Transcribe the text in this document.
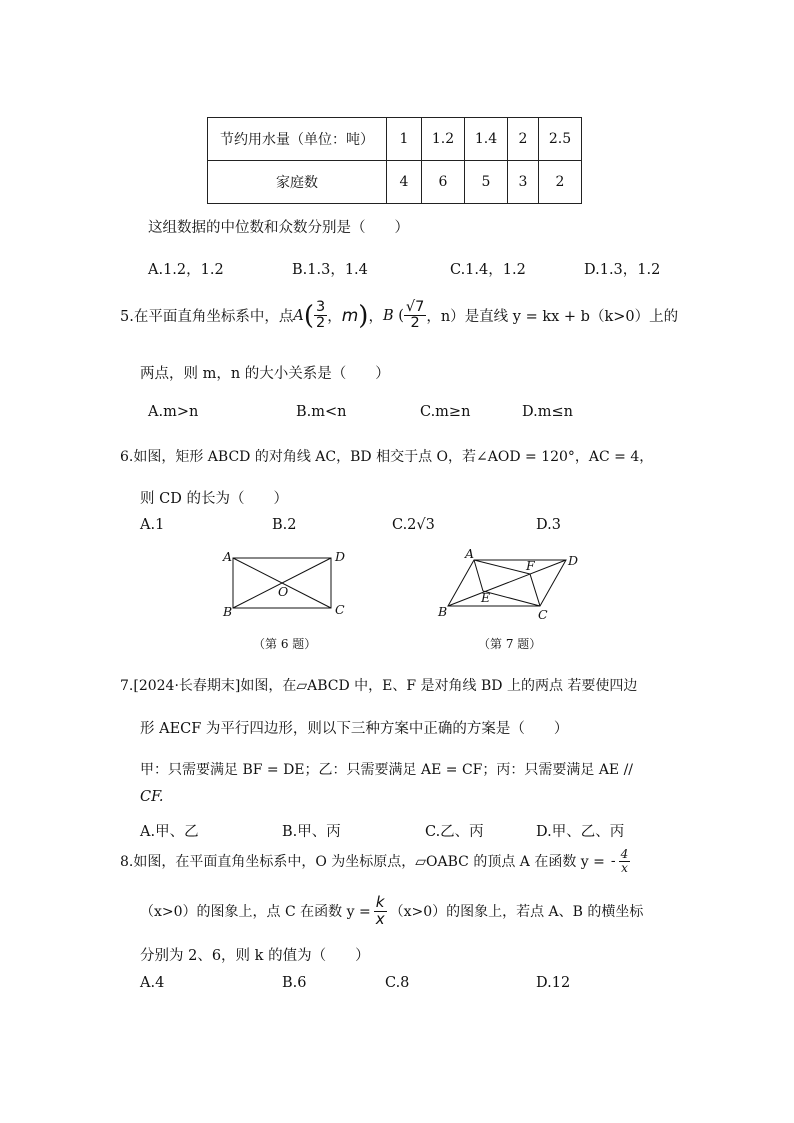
节约用水量（单位：吨）	1	1.2	1.4	2	2.5
家庭数	4	6	5	3	2
这组数据的中位数和众数分别是（　　）
A.1.2，1.2	B.1.3，1.4	C.1.4，1.2	D.1.3，1.2
5.在平面直角坐标系中，点 A ( $\frac{3}{2}$ ， m ) ， B ( $\frac{√7}{2}$ ，n） 是直线 y = kx + b（k>0）上的
两点，则 m，n 的大小关系是（　　）
A.m>n	B.m<n	C.m≥n	D.m≤n
6.如图，矩形 ABCD 的对角线 AC，BD 相交于点 O，若∠AOD = 120°，AC = 4，
则 CD 的长为（　　）
A.1	B.2	C.2√3	D.3
A	D
B	C
O
（第 6 题）
A	D
B	C
E
F
（第 7 题）
7.[2024·长春期末]如图，在▱ABCD 中，E、F 是对角线 BD 上的两点 若要使四边
形 AECF 为平行四边形，则以下三种方案中正确的方案是（　　）
甲：只需要满足 BF = DE；乙：只需要满足 AE = CF；丙：只需要满足 AE //
CF.
A.甲、乙	B.甲、丙	C.乙、丙	D.甲、乙、丙
8.如图，在平面直角坐标系中，O 为坐标原点，▱OABC 的顶点 A 在函数 y = - $\frac{4}{x}$
（x>0）的图象上，点 C 在函数 $y = \frac{k}{x} (x>0)$的图象上，若点 A、B 的横坐标
分别为 2、6，则 k 的值为（　　）
A.4	B.6	C.8	D.12
